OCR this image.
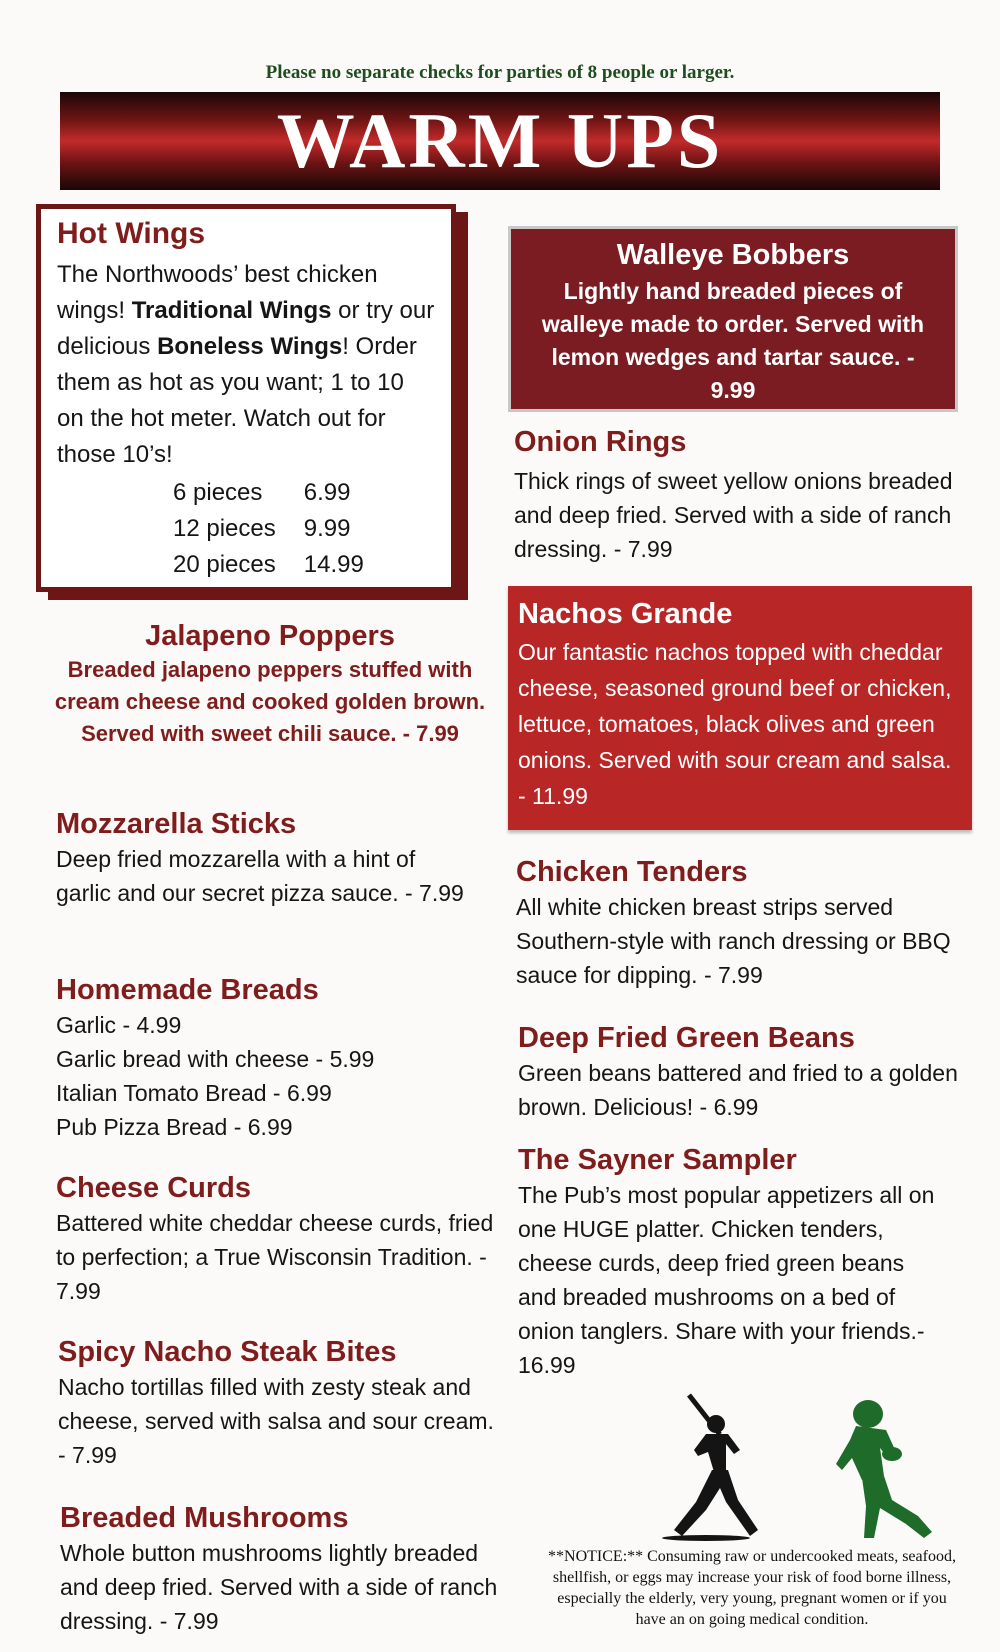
Please no separate checks for parties of 8 people or larger.
WARM UPS
Hot Wings
The Northwoods’ best chicken wings! Traditional Wings or try our delicious Boneless Wings! Order them as hot as you want; 1 to 10 on the hot meter. Watch out for those 10’s!
6 pieces	6.99
12 pieces	9.99
20 pieces	14.99
Jalapeno Poppers
Breaded jalapeno peppers stuffed with cream cheese and cooked golden brown. Served with sweet chili sauce. - 7.99
Mozzarella Sticks
Deep fried mozzarella with a hint of garlic and our secret pizza sauce. - 7.99
Homemade Breads
Garlic - 4.99
Garlic bread with cheese - 5.99
Italian Tomato Bread - 6.99
Pub Pizza Bread - 6.99
Cheese Curds
Battered white cheddar cheese curds, fried to perfection; a True Wisconsin Tradition. - 7.99
Spicy Nacho Steak Bites
Nacho tortillas filled with zesty steak and cheese, served with salsa and sour cream. - 7.99
Breaded Mushrooms
Whole button mushrooms lightly breaded and deep fried. Served with a side of ranch dressing. - 7.99
Walleye Bobbers
Lightly hand breaded pieces of walleye made to order. Served with lemon wedges and tartar sauce. - 9.99
Onion Rings
Thick rings of sweet yellow onions breaded and deep fried. Served with a side of ranch dressing. - 7.99
Nachos Grande
Our fantastic nachos topped with cheddar cheese, seasoned ground beef or chicken, lettuce, tomatoes, black olives and green onions. Served with sour cream and salsa. - 11.99
Chicken Tenders
All white chicken breast strips served Southern-style with ranch dressing or BBQ sauce for dipping. - 7.99
Deep Fried Green Beans
Green beans battered and fried to a golden brown. Delicious! - 6.99
The Sayner Sampler
The Pub’s most popular appetizers all on one HUGE platter. Chicken tenders, cheese curds, deep fried green beans and breaded mushrooms on a bed of onion tanglers. Share with your friends.- 16.99
**NOTICE:** Consuming raw or undercooked meats, seafood, shellfish, or eggs may increase your risk of food borne illness, especially the elderly, very young, pregnant women or if you have an on going medical condition.
